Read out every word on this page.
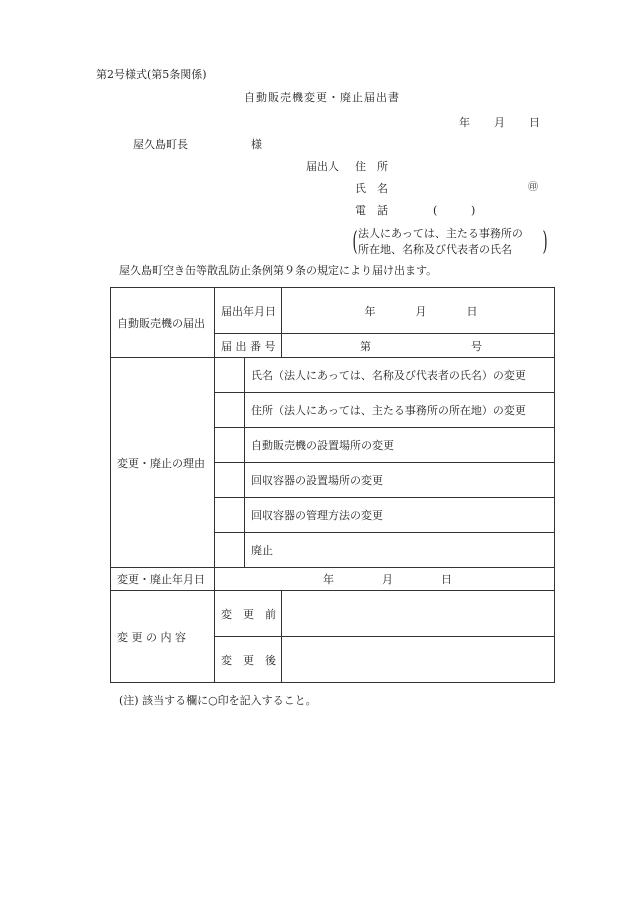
第2号様式(第5条関係)
自動販売機変更・廃止届出書
年 月 日
屋久島町長	様
届出人 住　所
氏　名	㊞
電　話	(	)
( 法人にあっては、主たる事務所の
所在地、名称及び代表者の氏名	)
屋久島町空き缶等散乱防止条例第９条の規定により届け出ます。
自動販売機の届出	届出年月日		年 月 日
	届 出 番 号		第 号
変更・廃止の理由		氏名（法人にあっては、名称及び代表者の氏名）の変更	
		住所（法人にあっては、主たる事務所の所在地）の変更	
		自動販売機の設置場所の変更	
		回収容器の設置場所の変更	
		回収容器の管理方法の変更	
		廃止	
変更・廃止年月日	年 月 日		
変 更 の 内 容	変　更　前		
	変　更　後		
(注) 該当する欄に○印を記入すること。
